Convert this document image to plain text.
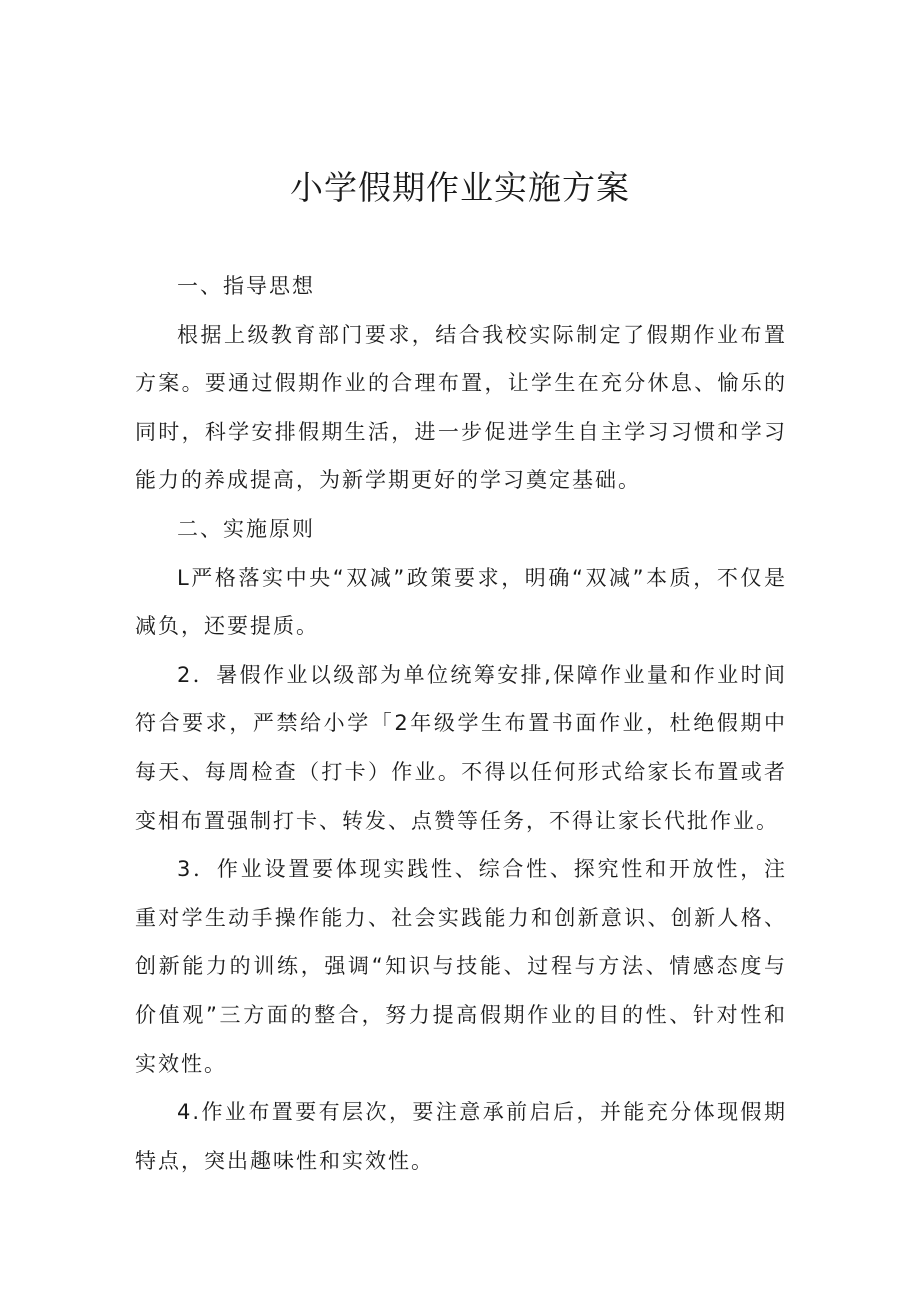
小学假期作业实施方案

一、指导思想

根据上级教育部门要求，结合我校实际制定了假期作业布置方案。要通过假期作业的合理布置，让学生在充分休息、愉乐的同时，科学安排假期生活，进一步促进学生自主学习习惯和学习能力的养成提高，为新学期更好的学习奠定基础。

二、实施原则

L严格落实中央“双减”政策要求，明确“双减”本质，不仅是减负，还要提质。

2．暑假作业以级部为单位统筹安排,保障作业量和作业时间符合要求，严禁给小学「2年级学生布置书面作业，杜绝假期中每天、每周检查（打卡）作业。不得以任何形式给家长布置或者变相布置强制打卡、转发、点赞等任务，不得让家长代批作业。

3．作业设置要体现实践性、综合性、探究性和开放性，注重对学生动手操作能力、社会实践能力和创新意识、创新人格、创新能力的训练，强调“知识与技能、过程与方法、情感态度与价值观”三方面的整合，努力提高假期作业的目的性、针对性和实效性。

4.作业布置要有层次，要注意承前启后，并能充分体现假期特点，突出趣味性和实效性。
